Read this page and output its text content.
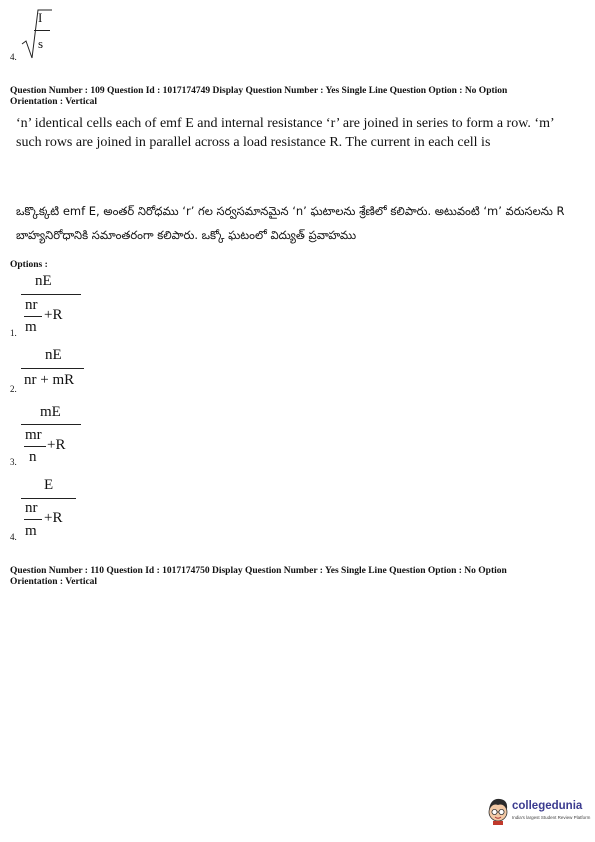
4.
I
s
Question Number : 109 Question Id : 1017174749 Display Question Number : Yes Single Line Question Option : No Option
Orientation : Vertical
‘n’ identical cells each of emf E and internal resistance ‘r’ are joined in series to form a row. ‘m’ such rows are joined in parallel across a load resistance R. The current in each cell is
ఒక్కొక్కటి emf E, అంతర్ నిరోధము ‘r’ గల సర్వసమానమైన ‘n’ ఘటాలను శ్రేణిలో కలిపారు. అటువంటి ‘m’ వరుసలను R బాహ్యనిరోధానికి సమాంతరంగా కలిపారు. ఒక్కో ఘటంలో విద్యుత్ ప్రవాహము
Options :
nE
nr
+R
m
1.
nE
nr + mR
2.
mE
mr
+R
n
3.
E
nr
+R
m
4.
Question Number : 110 Question Id : 1017174750 Display Question Number : Yes Single Line Question Option : No Option
Orientation : Vertical
collegedunia
India's largest Student Review Platform
